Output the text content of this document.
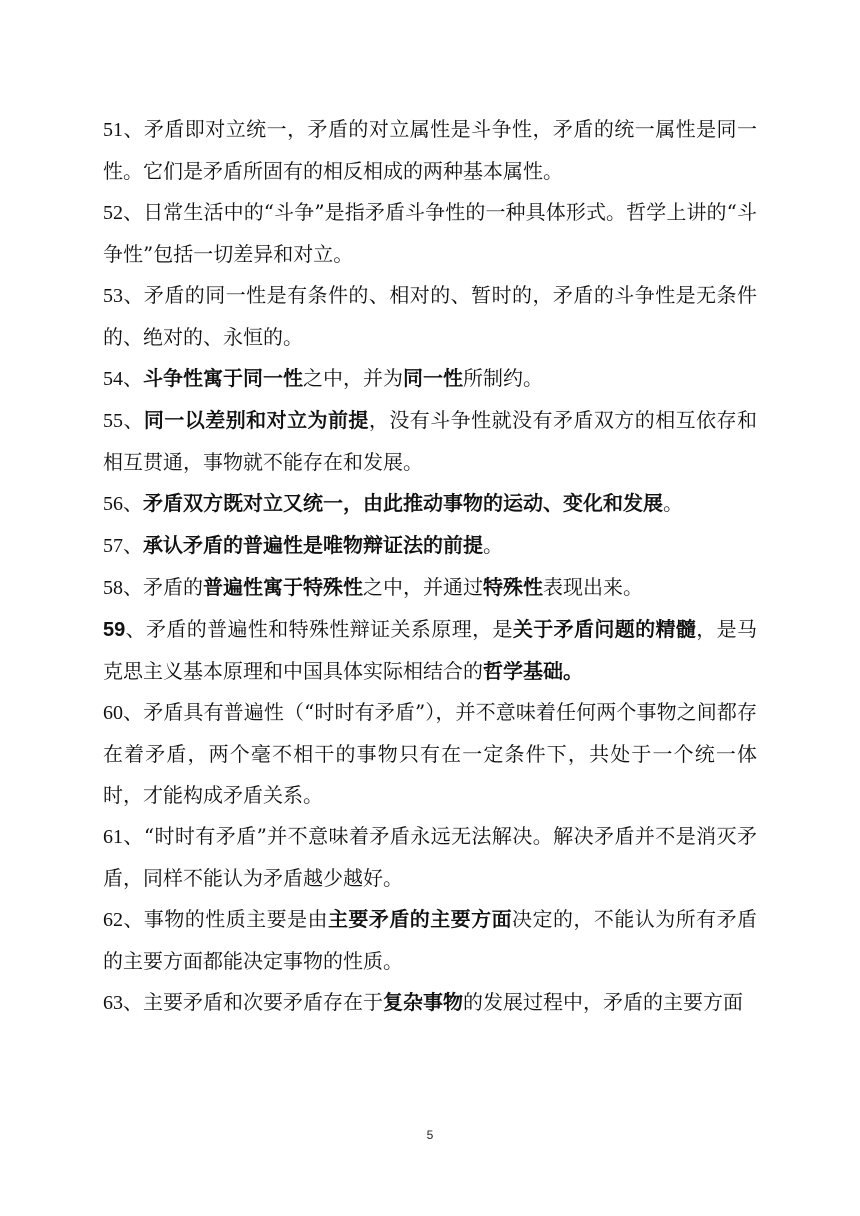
51、矛盾即对立统一，矛盾的对立属性是斗争性，矛盾的统一属性是同一性。它们是矛盾所固有的相反相成的两种基本属性。

52、日常生活中的“斗争”是指矛盾斗争性的一种具体形式。哲学上讲的“斗争性”包括一切差异和对立。

53、矛盾的同一性是有条件的、相对的、暂时的，矛盾的斗争性是无条件的、绝对的、永恒的。

54、斗争性寓于同一性之中，并为同一性所制约。

55、同一以差别和对立为前提，没有斗争性就没有矛盾双方的相互依存和相互贯通，事物就不能存在和发展。

56、矛盾双方既对立又统一，由此推动事物的运动、变化和发展。

57、承认矛盾的普遍性是唯物辩证法的前提。

58、矛盾的普遍性寓于特殊性之中，并通过特殊性表现出来。

59、矛盾的普遍性和特殊性辩证关系原理，是关于矛盾问题的精髓，是马克思主义基本原理和中国具体实际相结合的哲学基础。

60、矛盾具有普遍性（“时时有矛盾”），并不意味着任何两个事物之间都存在着矛盾，两个毫不相干的事物只有在一定条件下，共处于一个统一体时，才能构成矛盾关系。

61、“时时有矛盾”并不意味着矛盾永远无法解决。解决矛盾并不是消灭矛盾，同样不能认为矛盾越少越好。

62、事物的性质主要是由主要矛盾的主要方面决定的，不能认为所有矛盾的主要方面都能决定事物的性质。

63、主要矛盾和次要矛盾存在于复杂事物的发展过程中，矛盾的主要方面

5
